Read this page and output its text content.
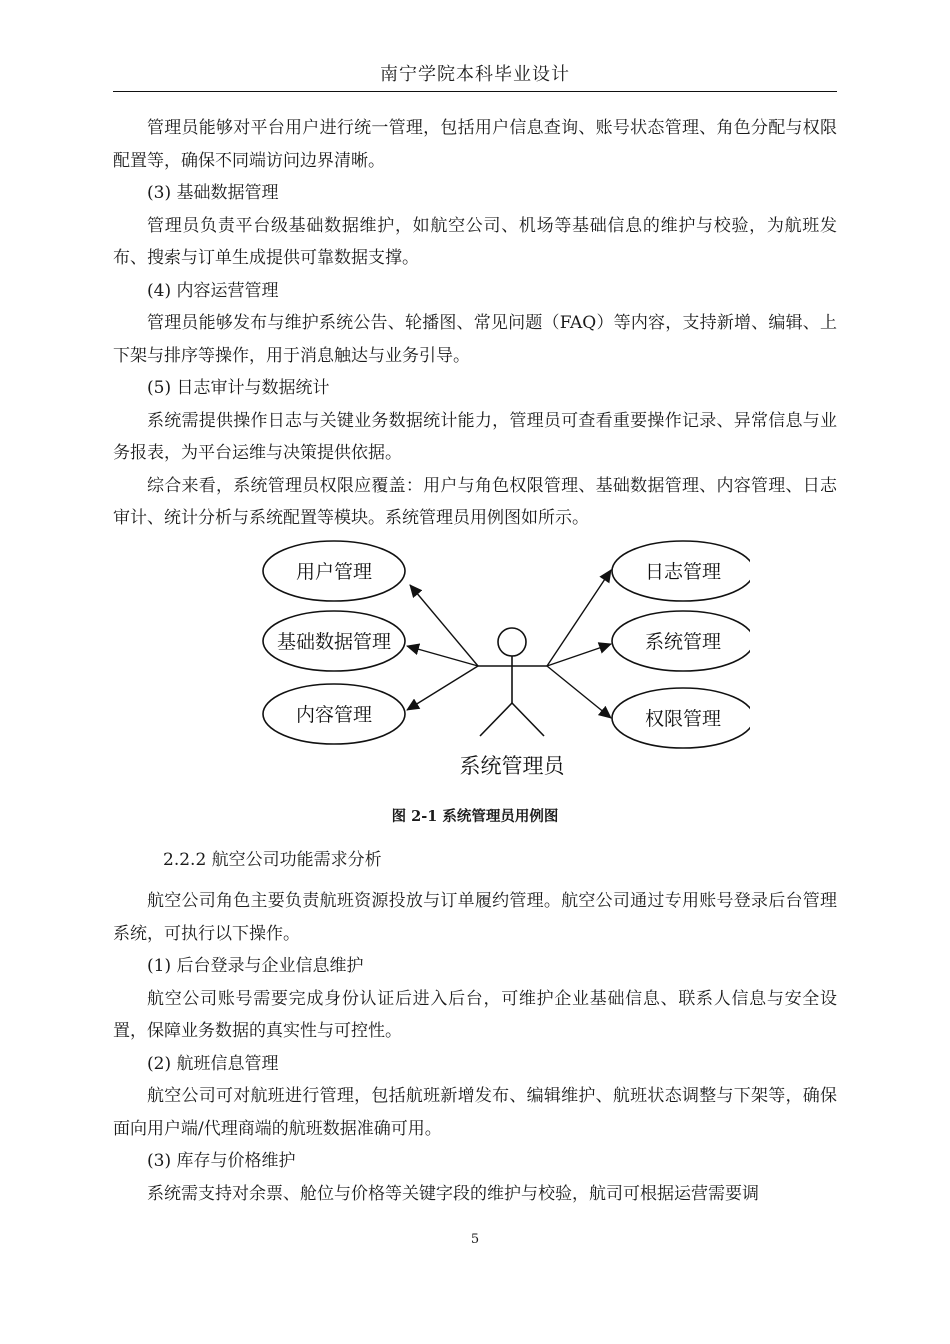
南宁学院本科毕业设计

管理员能够对平台用户进行统一管理，包括用户信息查询、账号状态管理、角色分配与权限配置等，确保不同端访问边界清晰。

(3) 基础数据管理

管理员负责平台级基础数据维护，如航空公司、机场等基础信息的维护与校验，为航班发布、搜索与订单生成提供可靠数据支撑。

(4) 内容运营管理

管理员能够发布与维护系统公告、轮播图、常见问题（FAQ）等内容，支持新增、编辑、上下架与排序等操作，用于消息触达与业务引导。

(5) 日志审计与数据统计

系统需提供操作日志与关键业务数据统计能力，管理员可查看重要操作记录、异常信息与业务报表，为平台运维与决策提供依据。

综合来看，系统管理员权限应覆盖：用户与角色权限管理、基础数据管理、内容管理、日志审计、统计分析与系统配置等模块。系统管理员用例图如所示。

用户管理
基础数据管理
内容管理
日志管理
系统管理
权限管理
系统管理员
图 2-1 系统管理员用例图
2.2.2 航空公司功能需求分析

航空公司角色主要负责航班资源投放与订单履约管理。航空公司通过专用账号登录后台管理系统，可执行以下操作。

(1) 后台登录与企业信息维护

航空公司账号需要完成身份认证后进入后台，可维护企业基础信息、联系人信息与安全设置，保障业务数据的真实性与可控性。

(2) 航班信息管理

航空公司可对航班进行管理，包括航班新增发布、编辑维护、航班状态调整与下架等，确保面向用户端/代理商端的航班数据准确可用。

(3) 库存与价格维护

系统需支持对余票、舱位与价格等关键字段的维护与校验，航司可根据运营需要调

5
